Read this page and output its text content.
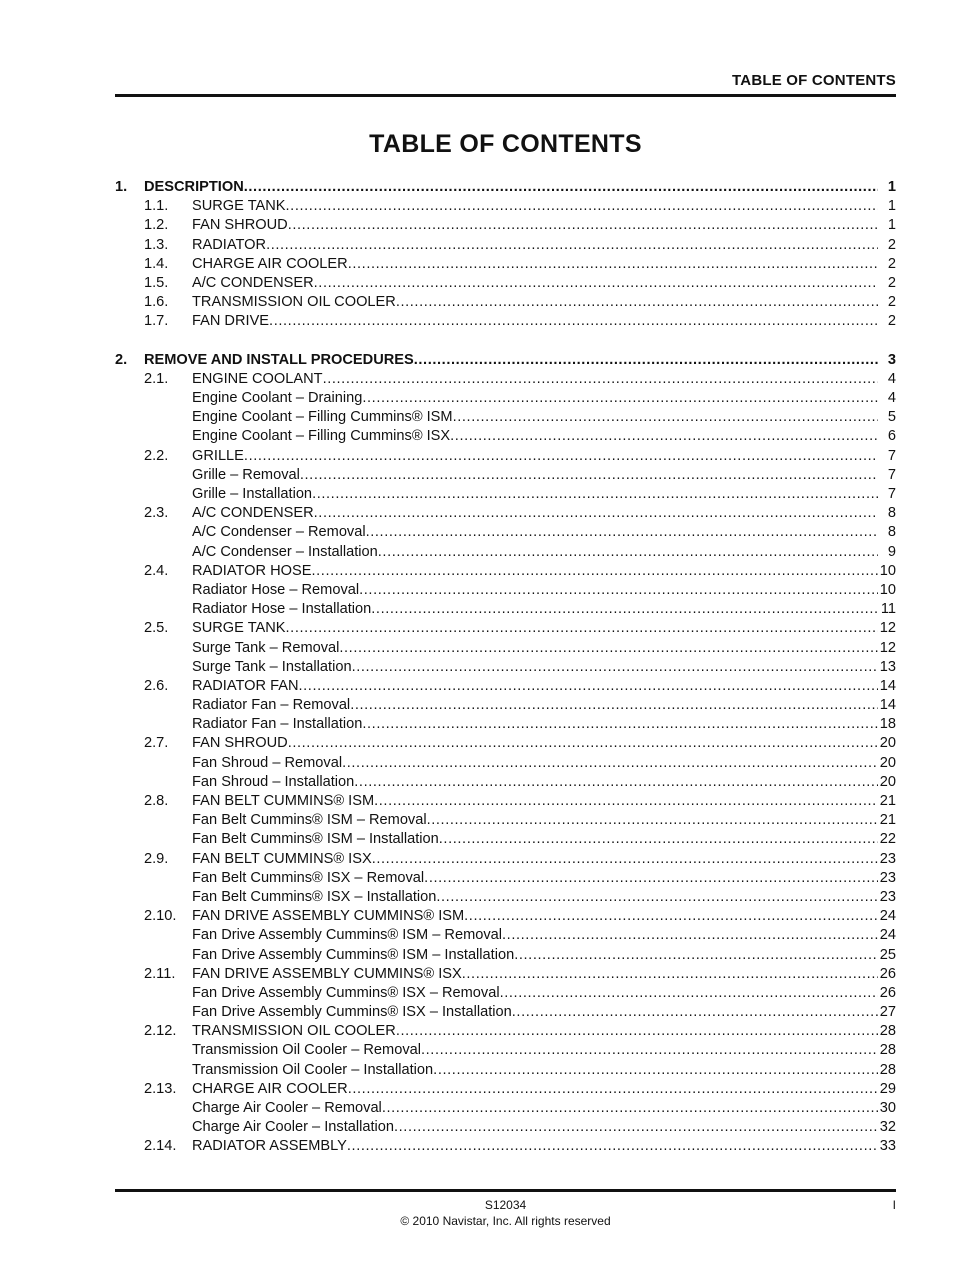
TABLE OF CONTENTS
TABLE OF CONTENTS
1. DESCRIPTION .....	1
1.1. SURGE TANK .....	1
1.2. FAN SHROUD .....	1
1.3. RADIATOR .....	2
1.4. CHARGE AIR COOLER .....	2
1.5. A/C CONDENSER .....	2
1.6. TRANSMISSION OIL COOLER .....	2
1.7. FAN DRIVE .....	2
2. REMOVE AND INSTALL PROCEDURES .....	3
2.1. ENGINE COOLANT .....	4
Engine Coolant – Draining .....	4
Engine Coolant – Filling Cummins® ISM .....	5
Engine Coolant – Filling Cummins® ISX .....	6
2.2. GRILLE .....	7
Grille – Removal .....	7
Grille – Installation .....	7
2.3. A/C CONDENSER .....	8
A/C Condenser – Removal .....	8
A/C Condenser – Installation .....	9
2.4. RADIATOR HOSE .....	10
Radiator Hose – Removal .....	10
Radiator Hose – Installation .....	11
2.5. SURGE TANK .....	12
Surge Tank – Removal .....	12
Surge Tank – Installation .....	13
2.6. RADIATOR FAN .....	14
Radiator Fan – Removal .....	14
Radiator Fan – Installation .....	18
2.7. FAN SHROUD .....	20
Fan Shroud – Removal .....	20
Fan Shroud – Installation .....	20
2.8. FAN BELT CUMMINS® ISM .....	21
Fan Belt Cummins® ISM – Removal .....	21
Fan Belt Cummins® ISM – Installation .....	22
2.9. FAN BELT CUMMINS® ISX .....	23
Fan Belt Cummins® ISX – Removal .....	23
Fan Belt Cummins® ISX – Installation .....	23
2.10. FAN DRIVE ASSEMBLY CUMMINS® ISM .....	24
Fan Drive Assembly Cummins® ISM – Removal .....	24
Fan Drive Assembly Cummins® ISM – Installation .....	25
2.11. FAN DRIVE ASSEMBLY CUMMINS® ISX .....	26
Fan Drive Assembly Cummins® ISX – Removal .....	26
Fan Drive Assembly Cummins® ISX – Installation .....	27
2.12. TRANSMISSION OIL COOLER .....	28
Transmission Oil Cooler – Removal .....	28
Transmission Oil Cooler – Installation .....	28
2.13. CHARGE AIR COOLER .....	29
Charge Air Cooler – Removal .....	30
Charge Air Cooler – Installation .....	32
2.14. RADIATOR ASSEMBLY .....	33
S12034
© 2010 Navistar, Inc. All rights reserved
I
